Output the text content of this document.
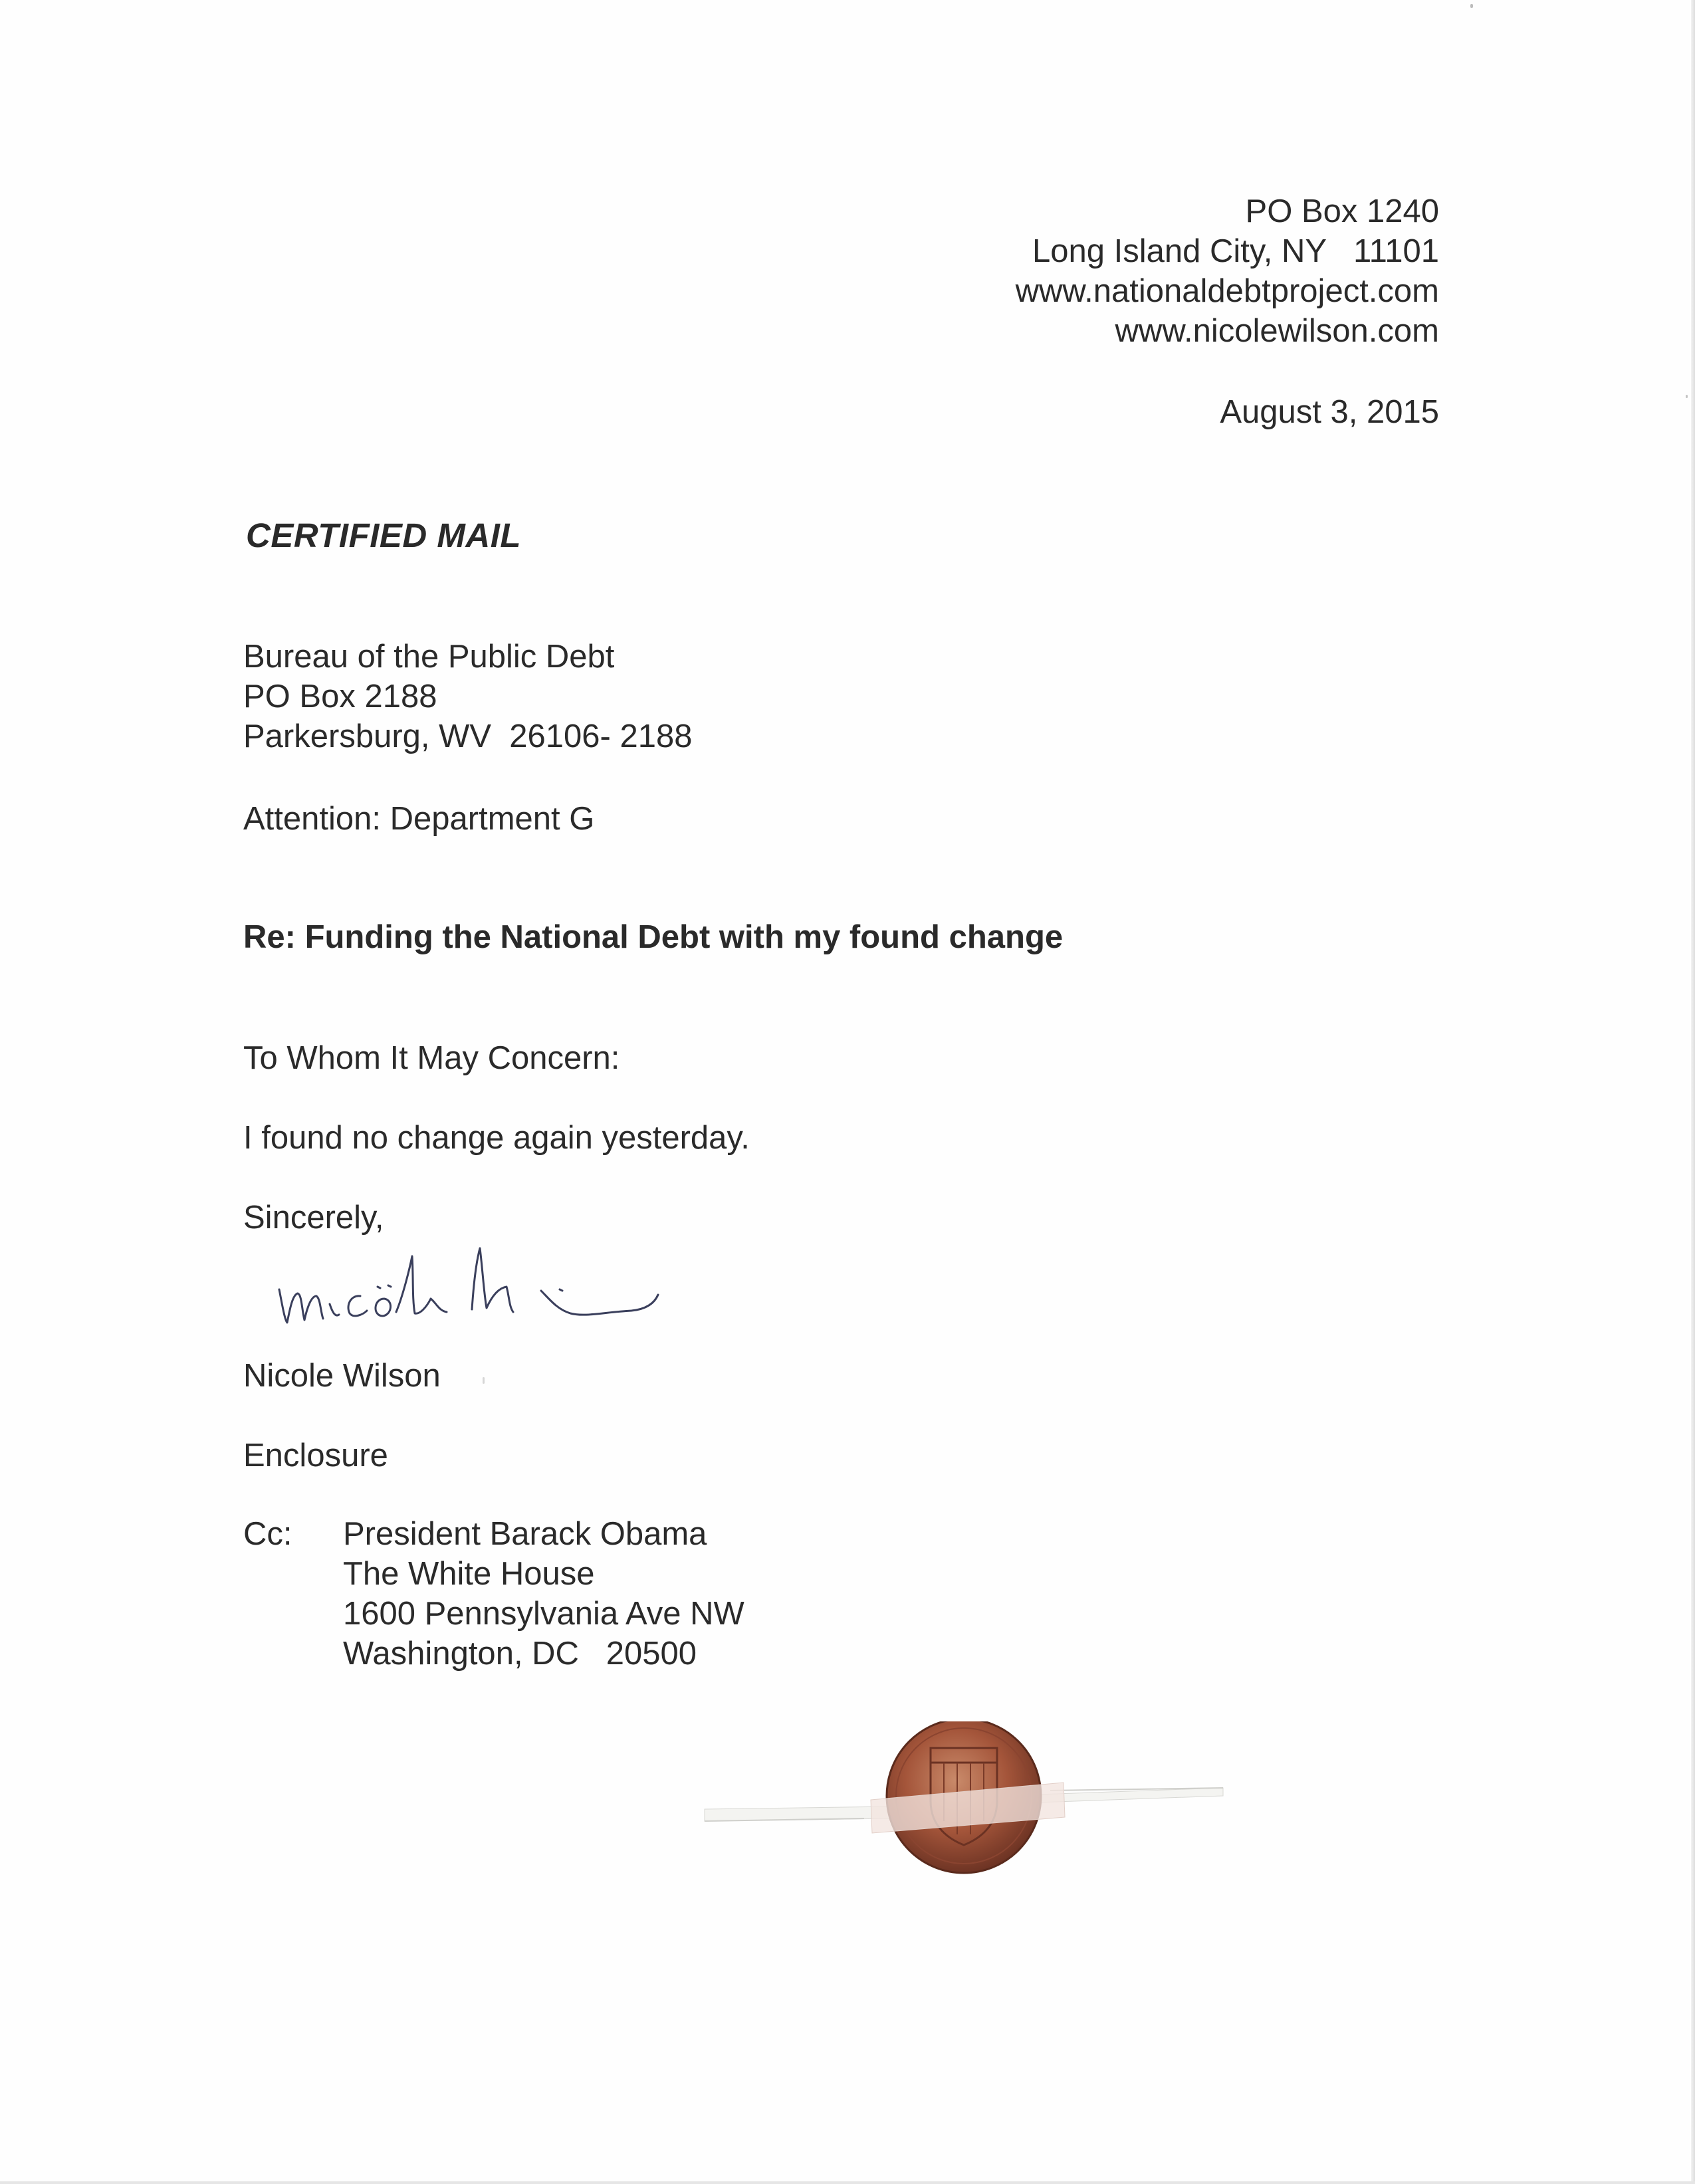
PO Box 1240
Long Island City, NY   11101
www.nationaldebtproject.com
www.nicolewilson.com
August 3, 2015
CERTIFIED MAIL
Bureau of the Public Debt
PO Box 2188
Parkersburg, WV  26106- 2188
Attention: Department G
Re: Funding the National Debt with my found change
To Whom It May Concern:
I found no change again yesterday.
Sincerely,
Nicole Wilson
Enclosure
Cc: President Barack Obama
The White House
1600 Pennsylvania Ave NW
Washington, DC   20500
